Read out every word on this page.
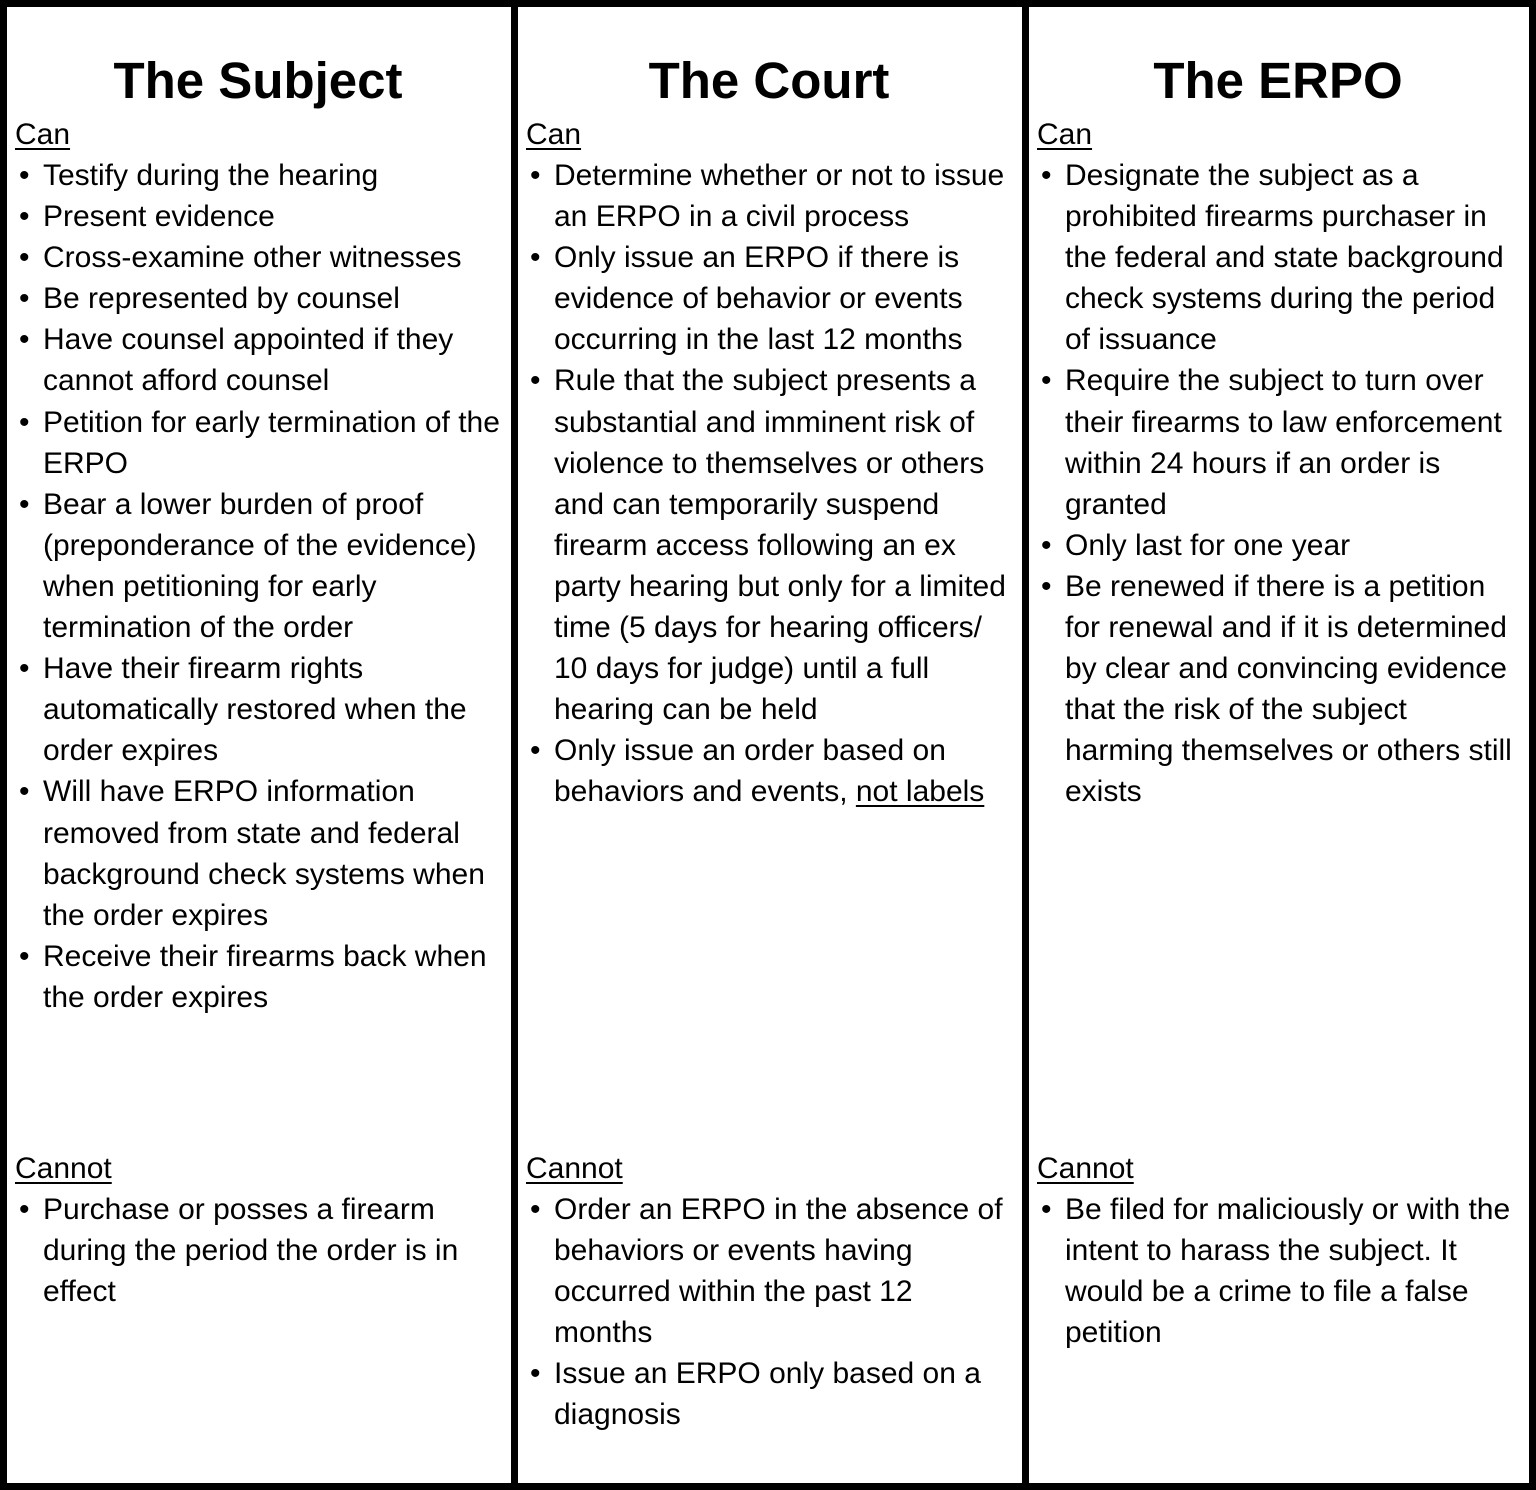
The Subject
Can
• Testify during the hearing
• Present evidence
• Cross-examine other witnesses
• Be represented by counsel
• Have counsel appointed if they cannot afford counsel
• Petition for early termination of the ERPO
• Bear a lower burden of proof (preponderance of the evidence) when petitioning for early termination of the order
• Have their firearm rights automatically restored when the order expires
• Will have ERPO information removed from state and federal background check systems when the order expires
• Receive their firearms back when the order expires
Cannot
• Purchase or posses a firearm during the period the order is in effect
The Court
Can
• Determine whether or not to issue an ERPO in a civil process
• Only issue an ERPO if there is evidence of behavior or events occurring in the last 12 months
• Rule that the subject presents a substantial and imminent risk of violence to themselves or others and can temporarily suspend firearm access following an ex party hearing but only for a limited time (5 days for hearing officers/ 10 days for judge) until a full hearing can be held
• Only issue an order based on behaviors and events, not labels
Cannot
• Order an ERPO in the absence of behaviors or events having occurred within the past 12 months
• Issue an ERPO only based on a diagnosis
The ERPO
Can
• Designate the subject as a prohibited firearms purchaser in the federal and state background check systems during the period of issuance
• Require the subject to turn over their firearms to law enforcement within 24 hours if an order is granted
• Only last for one year
• Be renewed if there is a petition for renewal and if it is determined by clear and convincing evidence that the risk of the subject harming themselves or others still exists
Cannot
• Be filed for maliciously or with the intent to harass the subject. It would be a crime to file a false petition
